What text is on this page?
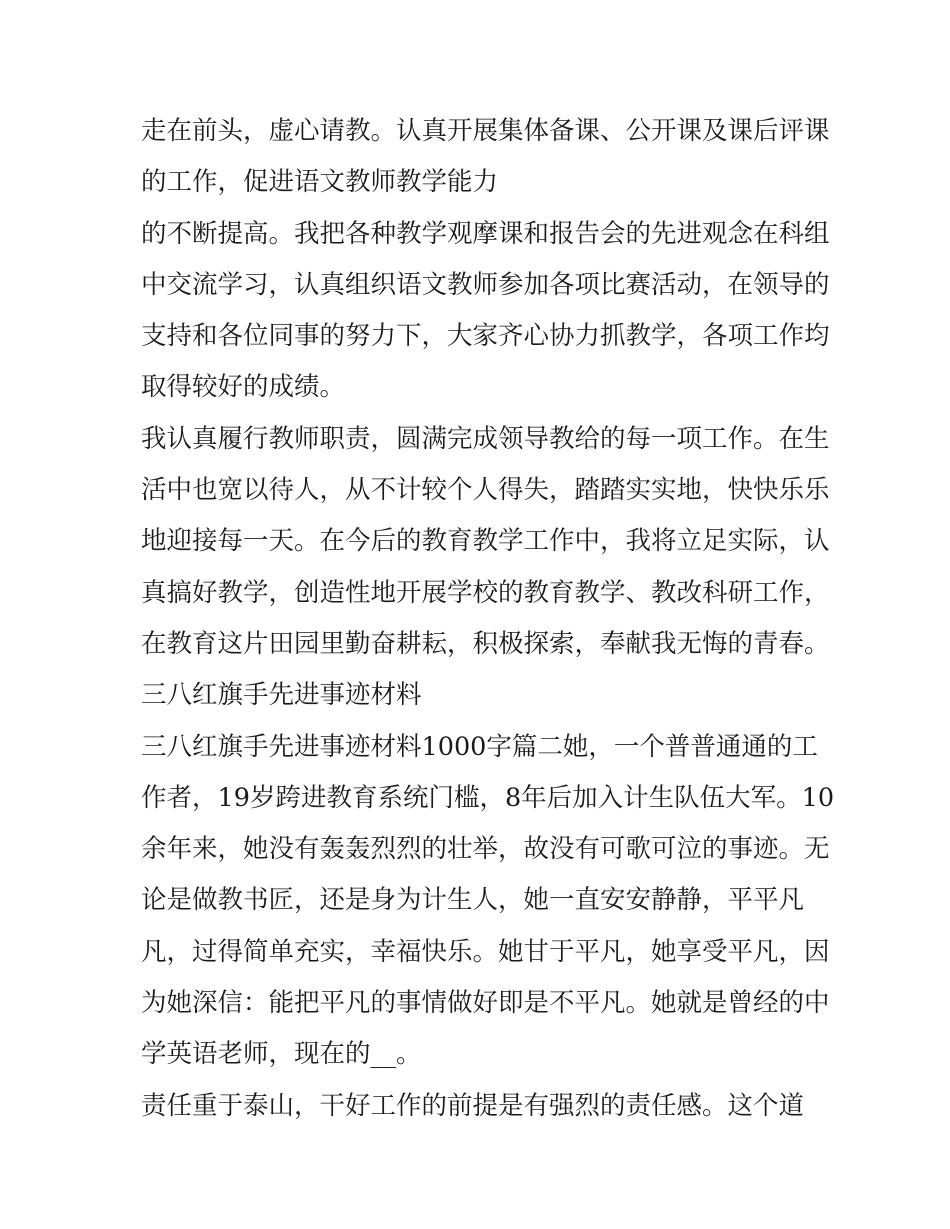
走在前头，虚心请教。认真开展集体备课、公开课及课后评课
的工作，促进语文教师教学能力
的不断提高。我把各种教学观摩课和报告会的先进观念在科组
中交流学习，认真组织语文教师参加各项比赛活动，在领导的
支持和各位同事的努力下，大家齐心协力抓教学，各项工作均
取得较好的成绩。
我认真履行教师职责，圆满完成领导教给的每一项工作。在生
活中也宽以待人，从不计较个人得失，踏踏实实地，快快乐乐
地迎接每一天。在今后的教育教学工作中，我将立足实际，认
真搞好教学，创造性地开展学校的教育教学、教改科研工作，
在教育这片田园里勤奋耕耘，积极探索，奉献我无悔的青春。
三八红旗手先进事迹材料
三八红旗手先进事迹材料1000字篇二她，一个普普通通的工
作者，19岁跨进教育系统门槛，8年后加入计生队伍大军。10
余年来，她没有轰轰烈烈的壮举，故没有可歌可泣的事迹。无
论是做教书匠，还是身为计生人，她一直安安静静，平平凡
凡，过得简单充实，幸福快乐。她甘于平凡，她享受平凡，因
为她深信：能把平凡的事情做好即是不平凡。她就是曾经的中
学英语老师，现在的__。
责任重于泰山，干好工作的前提是有强烈的责任感。这个道
